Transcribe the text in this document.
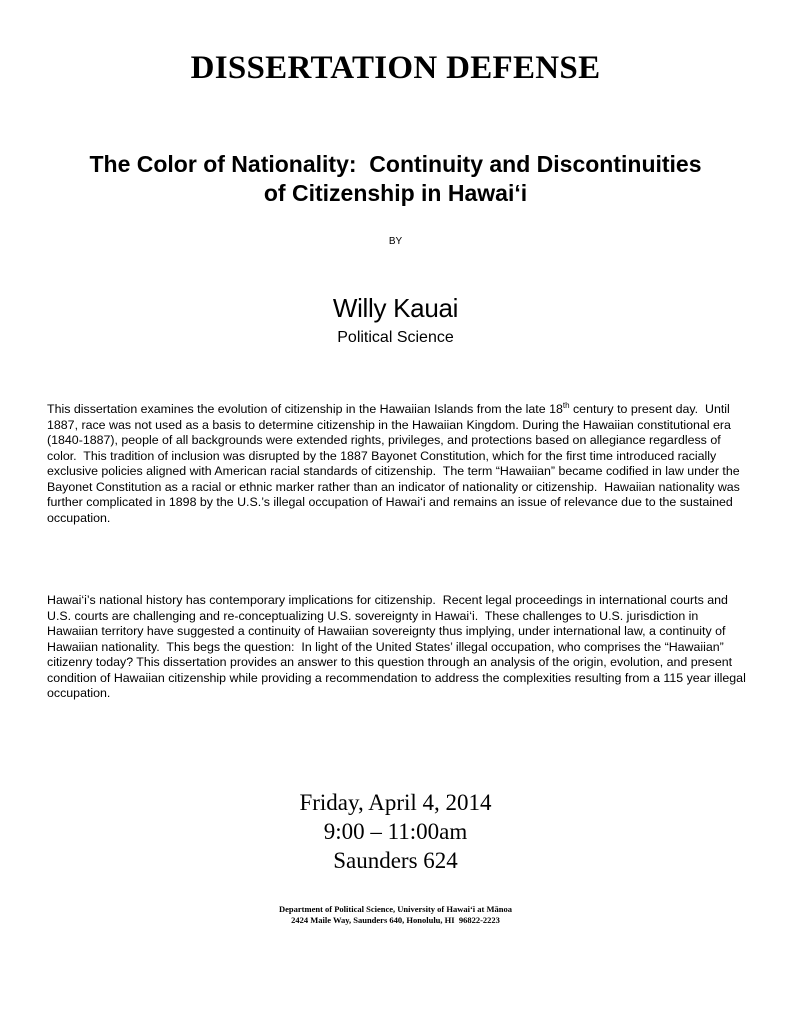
DISSERTATION DEFENSE
The Color of Nationality:  Continuity and Discontinuities
of Citizenship in Hawai‘i
BY
Willy Kauai
Political Science

This dissertation examines the evolution of citizenship in the Hawaiian Islands from the late 18th century to present day.  Until 1887, race was not used as a basis to determine citizenship in the Hawaiian Kingdom. During the Hawaiian constitutional era (1840-1887), people of all backgrounds were extended rights, privileges, and protections based on allegiance regardless of color.  This tradition of inclusion was disrupted by the 1887 Bayonet Constitution, which for the first time introduced racially exclusive policies aligned with American racial standards of citizenship.  The term “Hawaiian” became codified in law under the Bayonet Constitution as a racial or ethnic marker rather than an indicator of nationality or citizenship.  Hawaiian nationality was further complicated in 1898 by the U.S.’s illegal occupation of Hawai‘i and remains an issue of relevance due to the sustained occupation.

Hawai‘i’s national history has contemporary implications for citizenship.  Recent legal proceedings in international courts and U.S. courts are challenging and re-conceptualizing U.S. sovereignty in Hawai‘i.  These challenges to U.S. jurisdiction in Hawaiian territory have suggested a continuity of Hawaiian sovereignty thus implying, under international law, a continuity of Hawaiian nationality.  This begs the question:  In light of the United States’ illegal occupation, who comprises the “Hawaiian” citizenry today? This dissertation provides an answer to this question through an analysis of the origin, evolution, and present condition of Hawaiian citizenship while providing a recommendation to address the complexities resulting from a 115 year illegal occupation.

Friday, April 4, 2014
9:00 – 11:00am
Saunders 624
Department of Political Science, University of Hawai‘i at Mānoa
2424 Maile Way, Saunders 640, Honolulu, HI  96822-2223
